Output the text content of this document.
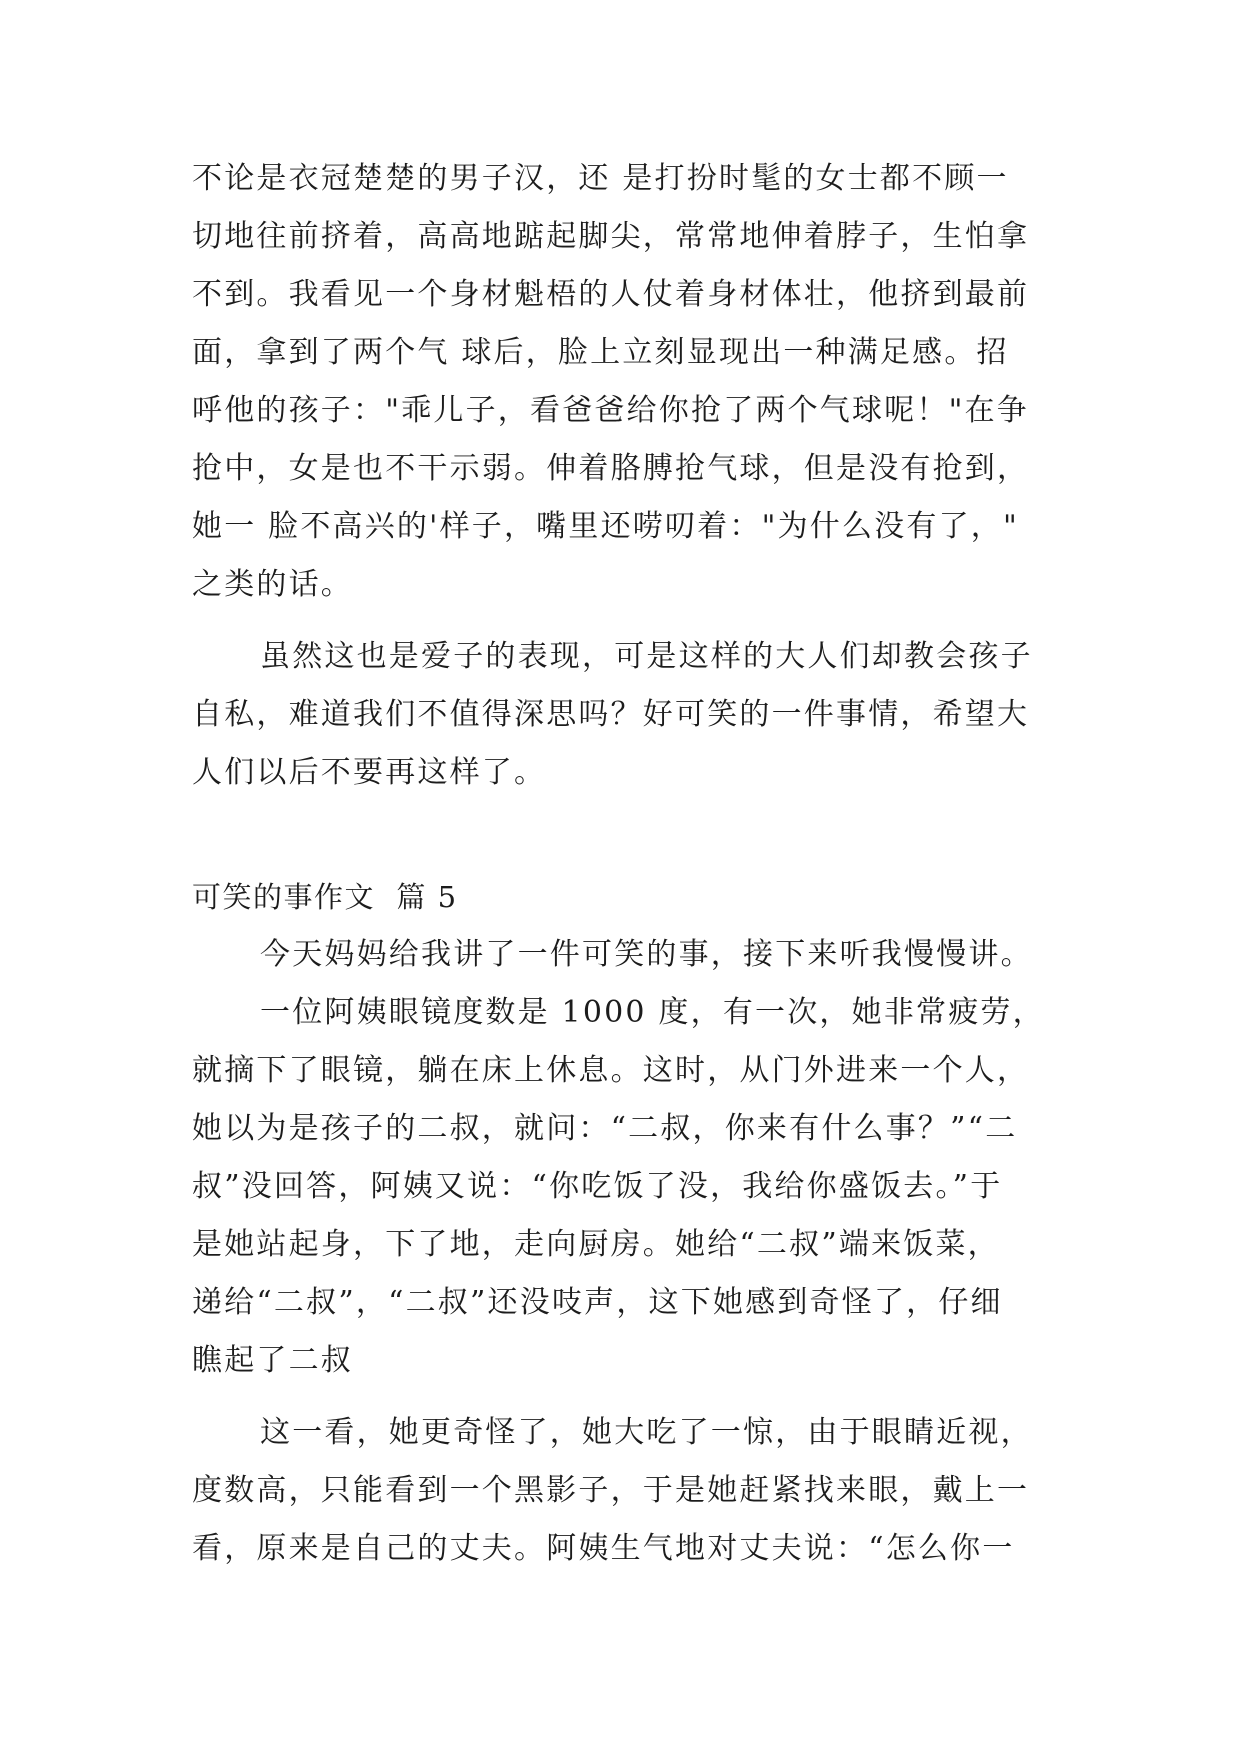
不论是衣冠楚楚的男子汉，还 是打扮时髦的女士都不顾一
切地往前挤着，高高地踮起脚尖，常常地伸着脖子，生怕拿
不到。我看见一个身材魁梧的人仗着身材体壮，他挤到最前
面，拿到了两个气 球后，脸上立刻显现出一种满足感。招
呼他的孩子："乖儿子，看爸爸给你抢了两个气球呢！"在争
抢中，女是也不干示弱。伸着胳膊抢气球，但是没有抢到，
她一 脸不高兴的'样子，嘴里还唠叨着："为什么没有了，"
之类的话。
虽然这也是爱子的表现，可是这样的大人们却教会孩子
自私，难道我们不值得深思吗？好可笑的一件事情，希望大
人们以后不要再这样了。
可笑的事作文  篇 5
今天妈妈给我讲了一件可笑的事，接下来听我慢慢讲。
一位阿姨眼镜度数是 1000 度，有一次，她非常疲劳，
就摘下了眼镜，躺在床上休息。这时，从门外进来一个人，
她以为是孩子的二叔，就问：“二叔，你来有什么事？”“二
叔”没回答，阿姨又说：“你吃饭了没，我给你盛饭去。”于
是她站起身，下了地，走向厨房。她给“二叔”端来饭菜，
递给“二叔”，“二叔”还没吱声，这下她感到奇怪了，仔细
瞧起了二叔
这一看，她更奇怪了，她大吃了一惊，由于眼睛近视，
度数高，只能看到一个黑影子，于是她赶紧找来眼，戴上一
看，原来是自己的丈夫。阿姨生气地对丈夫说：“怎么你一
